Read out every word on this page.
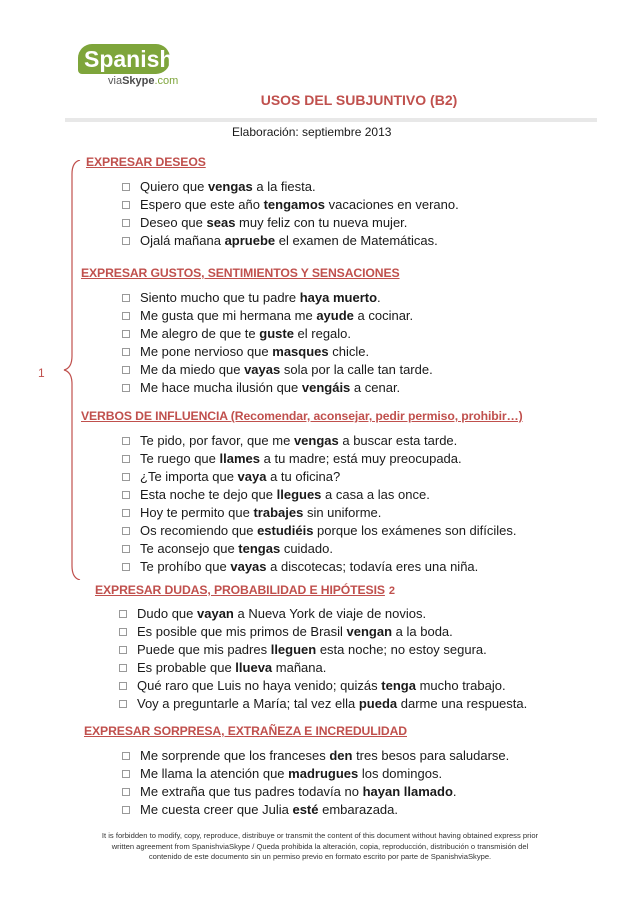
Spanish
viaSkype.com
USOS DEL SUBJUNTIVO (B2)
Elaboración: septiembre 2013
1
EXPRESAR DESEOS
Quiero que vengas a la fiesta.
Espero que este año tengamos vacaciones en verano.
Deseo que seas muy feliz con tu nueva mujer.
Ojalá mañana apruebe el examen de Matemáticas.
EXPRESAR GUSTOS, SENTIMIENTOS Y SENSACIONES
Siento mucho que tu padre haya muerto.
Me gusta que mi hermana me ayude a cocinar.
Me alegro de que te guste el regalo.
Me pone nervioso que masques chicle.
Me da miedo que vayas sola por la calle tan tarde.
Me hace mucha ilusión que vengáis a cenar.
VERBOS DE INFLUENCIA (Recomendar, aconsejar, pedir permiso, prohibir…)
Te pido, por favor, que me vengas a buscar esta tarde.
Te ruego que llames a tu madre; está muy preocupada.
¿Te importa que vaya a tu oficina?
Esta noche te dejo que llegues a casa a las once.
Hoy te permito que trabajes sin uniforme.
Os recomiendo que estudiéis porque los exámenes son difíciles.
Te aconsejo que tengas cuidado.
Te prohíbo que vayas a discotecas; todavía eres una niña.
EXPRESAR DUDAS, PROBABILIDAD E HIPÓTESIS 2
Dudo que vayan a Nueva York de viaje de novios.
Es posible que mis primos de Brasil vengan a la boda.
Puede que mis padres lleguen esta noche; no estoy segura.
Es probable que llueva mañana.
Qué raro que Luis no haya venido; quizás tenga mucho trabajo.
Voy a preguntarle a María; tal vez ella pueda darme una respuesta.
EXPRESAR SORPRESA, EXTRAÑEZA E INCREDULIDAD
Me sorprende que los franceses den tres besos para saludarse.
Me llama la atención que madrugues los domingos.
Me extraña que tus padres todavía no hayan llamado.
Me cuesta creer que Julia esté embarazada.
It is forbidden to modify, copy, reproduce, distribuye or transmit the content of this document without having obtained express prior
written agreement from SpanishviaSkype / Queda prohibida la alteración, copia, reproducción, distribución o transmisión del
contenido de este documento sin un permiso previo en formato escrito por parte de SpanishviaSkype.
